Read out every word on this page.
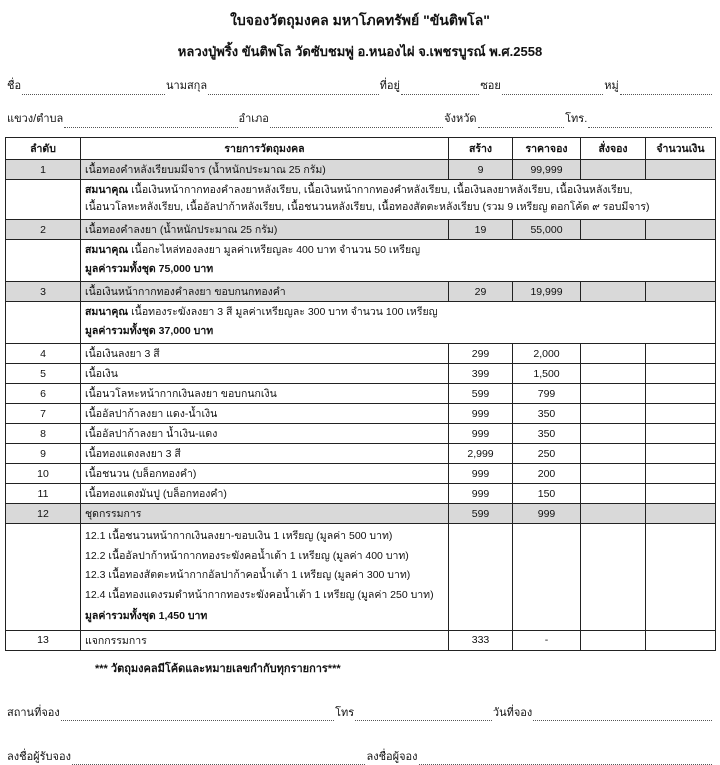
ใบจองวัตถุมงคล มหาโภคทรัพย์ "ขันติพโล"
หลวงปู่พริ้ง ขันติพโล วัดซับชมพู่ อ.หนองไผ่ จ.เพชรบูรณ์ พ.ศ.2558
ชื่อ	นามสกุล	ที่อยู่	ซอย	หมู่
แขวง/ตำบล	อำเภอ	จังหวัด	โทร.
ลำดับ	รายการวัตถุมงคล	สร้าง	ราคาจอง	สั่งจอง	จำนวนเงิน
1	เนื้อทองคำหลังเรียบมมีจาร (น้ำหนักประมาณ 25 กรัม)	9	99,999		

	สมนาคุณ เนื้อเงินหน้ากากทองคำลงยาหลังเรียบ, เนื้อเงินหน้ากากทองคำหลังเรียบ, เนื้อเงินลงยาหลังเรียบ, เนื้อเงินหลังเรียบ,
เนื้อนวโลหะหลังเรียบ, เนื้ออัลปาก้าหลังเรียบ, เนื้อชนวนหลังเรียบ, เนื้อทองสัตตะหลังเรียบ (รวม 9 เหรียญ ตอกโค้ด ๙ รอบมีจาร)				

2	เนื้อทองคำลงยา (น้ำหนักประมาณ 25 กรัม)	19	55,000		

	สมนาคุณ เนื้อกะไหล่ทองลงยา มูลค่าเหรียญละ 400 บาท จำนวน 50 เหรียญ
มูลค่ารวมทั้งชุด 75,000 บาท				

3	เนื้อเงินหน้ากากทองคำลงยา ขอบกนกทองคำ	29	19,999		

	สมนาคุณ เนื้อทองระฆังลงยา 3 สี มูลค่าเหรียญละ 300 บาท จำนวน 100 เหรียญ
มูลค่ารวมทั้งชุด 37,000 บาท				

4	เนื้อเงินลงยา 3 สี	299	2,000		
5	เนื้อเงิน	399	1,500		
6	เนื้อนวโลหะหน้ากากเงินลงยา ขอบกนกเงิน	599	799		
7	เนื้ออัลปาก้าลงยา แดง-น้ำเงิน	999	350		
8	เนื้ออัลปาก้าลงยา น้ำเงิน-แดง	999	350		
9	เนื้อทองแดงลงยา 3 สี	2,999	250		
10	เนื้อชนวน (บล็อกทองคำ)	999	200		
11	เนื้อทองแดงมันปู (บล็อกทองคำ)	999	150		
12	ชุดกรรมการ	599	999		

	12.1 เนื้อชนวนหน้ากากเงินลงยา-ขอบเงิน 1 เหรียญ (มูลค่า 500 บาท)
12.2 เนื้ออัลปาก้าหน้ากากทองระฆังคอน้ำเต้า 1 เหรียญ (มูลค่า 400 บาท)
12.3 เนื้อทองสัตตะหน้ากากอัลปาก้าคอน้ำเต้า 1 เหรียญ (มูลค่า 300 บาท)
12.4 เนื้อทองแดงรมดำหน้ากากทองระฆังคอน้ำเต้า 1 เหรียญ (มูลค่า 250 บาท)
มูลค่ารวมทั้งชุด 1,450 บาท				

13	แจกกรรมการ	333	-		
*** วัตถุมงคลมีโค้ดและหมายเลขกำกับทุกรายการ***
สถานที่จอง	โทร	วันที่จอง
ลงชื่อผู้รับจอง	ลงชื่อผู้จอง
